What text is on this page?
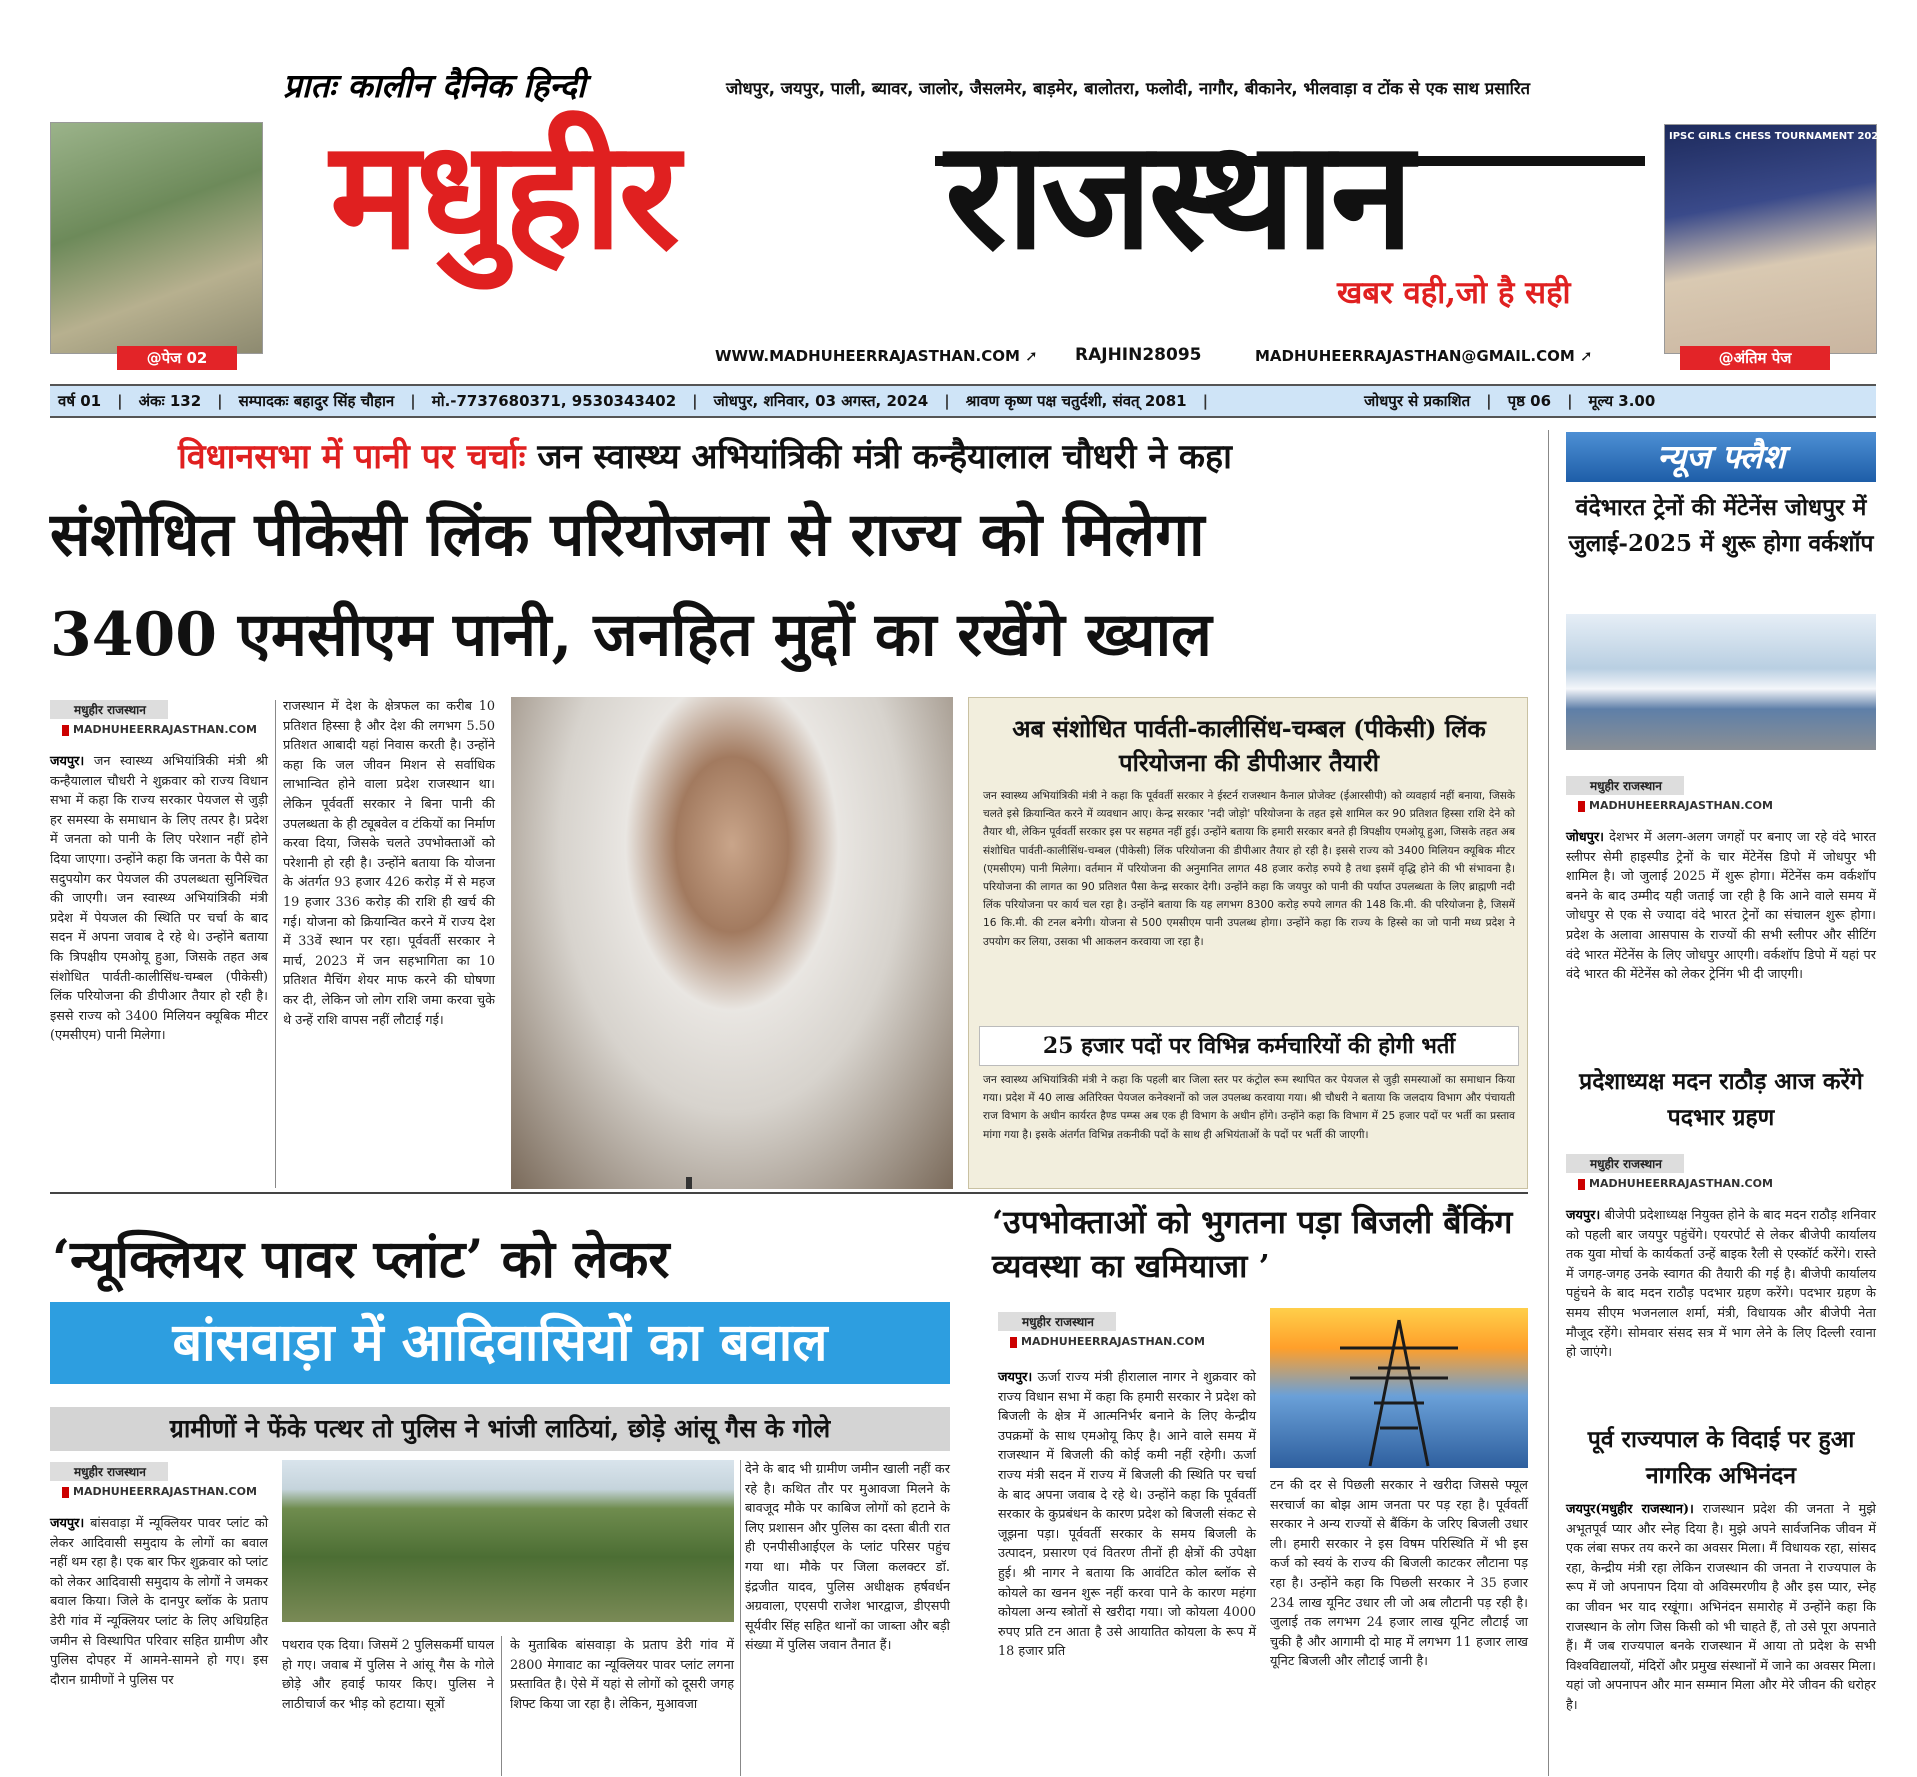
प्रातः कालीन दैनिक हिन्दी	जोधपुर, जयपुर, पाली, ब्यावर, जालोर, जैसलमेर, बाड़मेर, बालोतरा, फलोदी, नागौर, बीकानेर, भीलवाड़ा व टोंक से एक साथ प्रसारित
@पेज 02
IPSC GIRLS CHESS TOURNAMENT 2024-2025
@अंतिम पेज
मधुहीर राजस्थान
खबर वही,जो है सही
WWW.MADHUHEERRAJASTHAN.COM ➚ RAJHIN28095	MADHUHEERRAJASTHAN@GMAIL.COM ➚
वर्ष 01	|	अंकः 132	|	सम्पादकः बहादुर सिंह चौहान	|	मो.-7737680371, 9530343402	|	जोधपुर, शनिवार, 03 अगस्त, 2024	|	श्रावण कृष्ण पक्ष चतुर्दशी, संवत् 2081	|	जोधपुर से प्रकाशित	|	पृष्ठ 06	|	मूल्य 3.00
विधानसभा में पानी पर चर्चाः जन स्वास्थ्य अभियांत्रिकी मंत्री कन्हैयालाल चौधरी ने कहा
संशोधित पीकेसी लिंक परियोजना से राज्य को मिलेगा
3400 एमसीएम पानी, जनहित मुद्दों का रखेंगे ख्याल
मधुहीर राजस्थान
MADHUHEERRAJASTHAN.COM
जयपुर। जन स्वास्थ्य अभियांत्रिकी मंत्री श्री कन्हैयालाल चौधरी ने शुक्रवार को राज्य विधान सभा में कहा कि राज्य सरकार पेयजल से जुड़ी हर समस्या के समाधान के लिए तत्पर है। प्रदेश में जनता को पानी के लिए परेशान नहीं होने दिया जाएगा। उन्होंने कहा कि जनता के पैसे का सदुपयोग कर पेयजल की उपलब्धता सुनिश्चित की जाएगी। जन स्वास्थ्य अभियांत्रिकी मंत्री प्रदेश में पेयजल की स्थिति पर चर्चा के बाद सदन में अपना जवाब दे रहे थे। उन्होंने बताया कि त्रिपक्षीय एमओयू हुआ, जिसके तहत अब संशोधित पार्वती-कालीसिंध-चम्बल (पीकेसी) लिंक परियोजना की डीपीआर तैयार हो रही है। इससे राज्य को 3400 मिलियन क्यूबिक मीटर (एमसीएम) पानी मिलेगा।
राजस्थान में देश के क्षेत्रफल का करीब 10 प्रतिशत हिस्सा है और देश की लगभग 5.50 प्रतिशत आबादी यहां निवास करती है। उन्होंने कहा कि जल जीवन मिशन से सर्वाधिक लाभान्वित होने वाला प्रदेश राजस्थान था। लेकिन पूर्ववर्ती सरकार ने बिना पानी की उपलब्धता के ही ट्यूबवेल व टंकियों का निर्माण करवा दिया, जिसके चलते उपभोक्ताओं को परेशानी हो रही है। उन्होंने बताया कि योजना के अंतर्गत 93 हजार 426 करोड़ में से महज 19 हजार 336 करोड़ की राशि ही खर्च की गई। योजना को क्रियान्वित करने में राज्य देश में 33वें स्थान पर रहा। पूर्ववर्ती सरकार ने मार्च, 2023 में जन सहभागिता का 10 प्रतिशत मैचिंग शेयर माफ करने की घोषणा कर दी, लेकिन जो लोग राशि जमा करवा चुके थे उन्हें राशि वापस नहीं लौटाई गई।
अब संशोधित पार्वती-कालीसिंध-चम्बल (पीकेसी) लिंक परियोजना की डीपीआर तैयारी
जन स्वास्थ्य अभियांत्रिकी मंत्री ने कहा कि पूर्ववर्ती सरकार ने ईस्टर्न राजस्थान कैनाल प्रोजेक्ट (ईआरसीपी) को व्यवहार्य नहीं बनाया, जिसके चलते इसे क्रियान्वित करने में व्यवधान आए। केन्द्र सरकार 'नदी जोड़ो' परियोजना के तहत इसे शामिल कर 90 प्रतिशत हिस्सा राशि देने को तैयार थी, लेकिन पूर्ववर्ती सरकार इस पर सहमत नहीं हुई। उन्होंने बताया कि हमारी सरकार बनते ही त्रिपक्षीय एमओयू हुआ, जिसके तहत अब संशोधित पार्वती-कालीसिंध-चम्बल (पीकेसी) लिंक परियोजना की डीपीआर तैयार हो रही है। इससे राज्य को 3400 मिलियन क्यूबिक मीटर (एमसीएम) पानी मिलेगा। वर्तमान में परियोजना की अनुमानित लागत 48 हजार करोड़ रुपये है तथा इसमें वृद्धि होने की भी संभावना है। परियोजना की लागत का 90 प्रतिशत पैसा केन्द्र सरकार देगी। उन्होंने कहा कि जयपुर को पानी की पर्याप्त उपलब्धता के लिए ब्राह्मणी नदी लिंक परियोजना पर कार्य चल रहा है। उन्होंने बताया कि यह लगभग 8300 करोड़ रुपये लागत की 148 कि.मी. की परियोजना है, जिसमें 16 कि.मी. की टनल बनेगी। योजना से 500 एमसीएम पानी उपलब्ध होगा। उन्होंने कहा कि राज्य के हिस्से का जो पानी मध्य प्रदेश ने उपयोग कर लिया, उसका भी आकलन करवाया जा रहा है।
25 हजार पदों पर विभिन्न कर्मचारियों की होगी भर्ती
जन स्वास्थ्य अभियांत्रिकी मंत्री ने कहा कि पहली बार जिला स्तर पर कंट्रोल रूम स्थापित कर पेयजल से जुड़ी समस्याओं का समाधान किया गया। प्रदेश में 40 लाख अतिरिक्त पेयजल कनेक्शनों को जल उपलब्ध करवाया गया। श्री चौधरी ने बताया कि जलदाय विभाग और पंचायती राज विभाग के अधीन कार्यरत हैण्ड पम्प्स अब एक ही विभाग के अधीन होंगे। उन्होंने कहा कि विभाग में 25 हजार पदों पर भर्ती का प्रस्ताव मांगा गया है। इसके अंतर्गत विभिन्न तकनीकी पदों के साथ ही अभियंताओं के पदों पर भर्ती की जाएगी।
‘न्यूक्लियर पावर प्लांट’ को लेकर
बांसवाड़ा में आदिवासियों का बवाल
ग्रामीणों ने फेंके पत्थर तो पुलिस ने भांजी लाठियां, छोड़े आंसू गैस के गोले
मधुहीर राजस्थान
MADHUHEERRAJASTHAN.COM
जयपुर। बांसवाड़ा में न्यूक्लियर पावर प्लांट को लेकर आदिवासी समुदाय के लोगों का बवाल नहीं थम रहा है। एक बार फिर शुक्रवार को प्लांट को लेकर आदिवासी समुदाय के लोगों ने जमकर बवाल किया। जिले के दानपुर ब्लॉक के प्रताप डेरी गांव में न्यूक्लियर प्लांट के लिए अधिग्रहित जमीन से विस्थापित परिवार सहित ग्रामीण और पुलिस दोपहर में आमने-सामने हो गए। इस दौरान ग्रामीणों ने पुलिस पर
पथराव एक दिया। जिसमें 2 पुलिसकर्मी घायल हो गए। जवाब में पुलिस ने आंसू गैस के गोले छोड़े और हवाई फायर किए। पुलिस ने लाठीचार्ज कर भीड़ को हटाया। सूत्रों
के मुताबिक बांसवाड़ा के प्रताप डेरी गांव में 2800 मेगावाट का न्यूक्लियर पावर प्लांट लगना प्रस्तावित है। ऐसे में यहां से लोगों को दूसरी जगह शिफ्ट किया जा रहा है। लेकिन, मुआवजा
देने के बाद भी ग्रामीण जमीन खाली नहीं कर रहे है। कथित तौर पर मुआवजा मिलने के बावजूद मौके पर काबिज लोगों को हटाने के लिए प्रशासन और पुलिस का दस्ता बीती रात ही एनपीसीआईएल के प्लांट परिसर पहुंच गया था। मौके पर जिला कलक्टर डॉ. इंद्रजीत यादव, पुलिस अधीक्षक हर्षवर्धन अग्रवाला, एएसपी राजेश भारद्वाज, डीएसपी सूर्यवीर सिंह सहित थानों का जाब्ता और बड़ी संख्या में पुलिस जवान तैनात हैं।
‘उपभोक्ताओं को भुगतना पड़ा बिजली बैंकिंग व्यवस्था का खमियाजा ’
मधुहीर राजस्थान
MADHUHEERRAJASTHAN.COM
जयपुर। ऊर्जा राज्य मंत्री हीरालाल नागर ने शुक्रवार को राज्य विधान सभा में कहा कि हमारी सरकार ने प्रदेश को बिजली के क्षेत्र में आत्मनिर्भर बनाने के लिए केन्द्रीय उपक्रमों के साथ एमओयू किए है। आने वाले समय में राजस्थान में बिजली की कोई कमी नहीं रहेगी। ऊर्जा राज्य मंत्री सदन में राज्य में बिजली की स्थिति पर चर्चा के बाद अपना जवाब दे रहे थे। उन्होंने कहा कि पूर्ववर्ती सरकार के कुप्रबंधन के कारण प्रदेश को बिजली संकट से जूझना पड़ा। पूर्ववर्ती सरकार के समय बिजली के उत्पादन, प्रसारण एवं वितरण तीनों ही क्षेत्रों की उपेक्षा हुई। श्री नागर ने बताया कि आवंटित कोल ब्लॉक से कोयले का खनन शुरू नहीं करवा पाने के कारण महंगा कोयला अन्य स्त्रोतों से खरीदा गया। जो कोयला 4000 रुपए प्रति टन आता है उसे आयातित कोयला के रूप में 18 हजार प्रति
टन की दर से पिछली सरकार ने खरीदा जिससे फ्यूल सरचार्ज का बोझ आम जनता पर पड़ रहा है। पूर्ववर्ती सरकार ने अन्य राज्यों से बैंकिंग के जरिए बिजली उधार ली। हमारी सरकार ने इस विषम परिस्थिति में भी इस कर्ज को स्वयं के राज्य की बिजली काटकर लौटाना पड़ रहा है। उन्होंने कहा कि पिछली सरकार ने 35 हजार 234 लाख यूनिट उधार ली जो अब लौटानी पड़ रही है। जुलाई तक लगभग 24 हजार लाख यूनिट लौटाई जा चुकी है और आगामी दो माह में लगभग 11 हजार लाख यूनिट बिजली और लौटाई जानी है।
न्यूज फ्लैश
वंदेभारत ट्रेनों की मेंटेनेंस जोधपुर में जुलाई-2025 में शुरू होगा वर्कशॉप
मधुहीर राजस्थान
MADHUHEERRAJASTHAN.COM
जोधपुर। देशभर में अलग-अलग जगहों पर बनाए जा रहे वंदे भारत स्लीपर सेमी हाइस्पीड ट्रेनों के चार मेंटेनेंस डिपो में जोधपुर भी शामिल है। जो जुलाई 2025 में शुरू होगा। मेंटेनेंस कम वर्कशॉप बनने के बाद उम्मीद यही जताई जा रही है कि आने वाले समय में जोधपुर से एक से ज्यादा वंदे भारत ट्रेनों का संचालन शुरू होगा। प्रदेश के अलावा आसपास के राज्यों की सभी स्लीपर और सीटिंग वंदे भारत मेंटेनेंस के लिए जोधपुर आएगी। वर्कशॉप डिपो में यहां पर वंदे भारत की मेंटेनेंस को लेकर ट्रेनिंग भी दी जाएगी।
प्रदेशाध्यक्ष मदन राठौड़ आज करेंगे पदभार ग्रहण
मधुहीर राजस्थान
MADHUHEERRAJASTHAN.COM
जयपुर। बीजेपी प्रदेशाध्यक्ष नियुक्त होने के बाद मदन राठौड़ शनिवार को पहली बार जयपुर पहुंचेंगे। एयरपोर्ट से लेकर बीजेपी कार्यालय तक युवा मोर्चा के कार्यकर्ता उन्हें बाइक रैली से एस्कॉर्ट करेंगे। रास्ते में जगह-जगह उनके स्वागत की तैयारी की गई है। बीजेपी कार्यालय पहुंचने के बाद मदन राठौड़ पदभार ग्रहण करेंगे। पदभार ग्रहण के समय सीएम भजनलाल शर्मा, मंत्री, विधायक और बीजेपी नेता मौजूद रहेंगे। सोमवार संसद सत्र में भाग लेने के लिए दिल्ली रवाना हो जाएंगे।
पूर्व राज्यपाल के विदाई पर हुआ नागरिक अभिनंदन
जयपुर(मधुहीर राजस्थान)। राजस्थान प्रदेश की जनता ने मुझे अभूतपूर्व प्यार और स्नेह दिया है। मुझे अपने सार्वजनिक जीवन में एक लंबा सफर तय करने का अवसर मिला। मैं विधायक रहा, सांसद रहा, केन्द्रीय मंत्री रहा लेकिन राजस्थान की जनता ने राज्यपाल के रूप में जो अपनापन दिया वो अविस्मरणीय है और इस प्यार, स्नेह का जीवन भर याद रखूंगा। अभिनंदन समारोह में उन्होंने कहा कि राजस्थान के लोग जिस किसी को भी चाहते हैं, तो उसे पूरा अपनाते हैं। मैं जब राज्यपाल बनके राजस्थान में आया तो प्रदेश के सभी विश्वविद्यालयों, मंदिरों और प्रमुख संस्थानों में जाने का अवसर मिला। यहां जो अपनापन और मान सम्मान मिला और मेरे जीवन की धरोहर है।
